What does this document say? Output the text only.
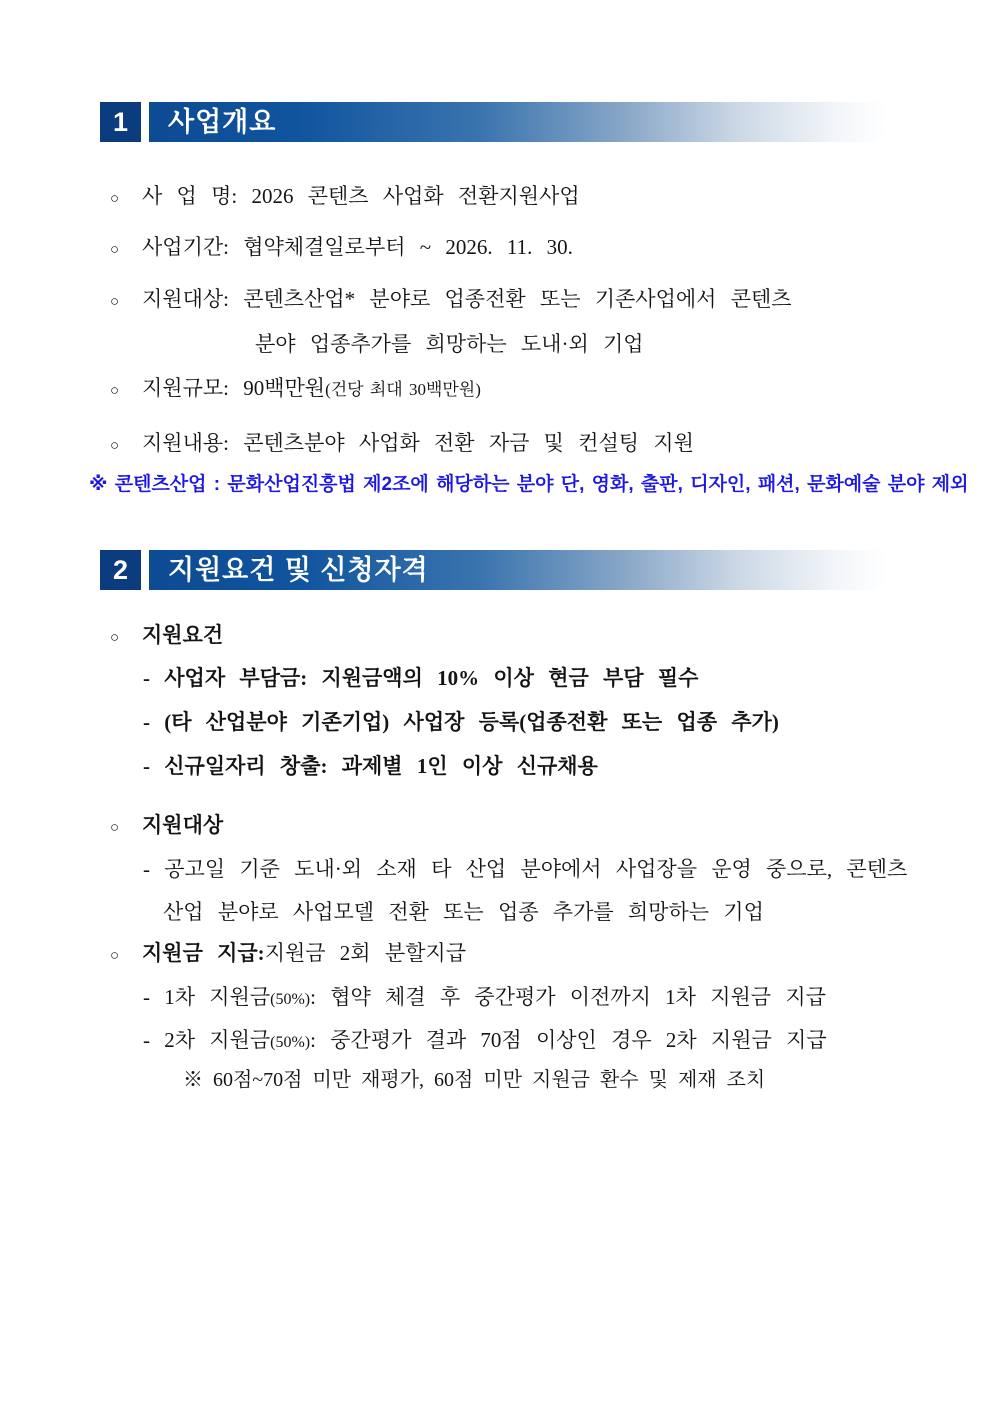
1	사업개요
○ 사 업 명: 2026 콘텐츠 사업화 전환지원사업
○ 사업기간: 협약체결일로부터 ~ 2026. 11. 30.
○ 지원대상: 콘텐츠산업* 분야로 업종전환 또는 기존사업에서 콘텐츠
분야 업종추가를 희망하는 도내·외 기업
○ 지원규모: 90백만원(건당 최대 30백만원)
○ 지원내용: 콘텐츠분야 사업화 전환 자금 및 컨설팅 지원
※ 콘텐츠산업 : 문화산업진흥법 제2조에 해당하는 분야 단, 영화, 출판, 디자인, 패션, 문화예술 분야 제외
2	지원요건 및 신청자격
○ 지원요건
- 사업자 부담금: 지원금액의 10% 이상 현금 부담 필수
- (타 산업분야 기존기업) 사업장 등록(업종전환 또는 업종 추가)
- 신규일자리 창출: 과제별 1인 이상 신규채용
○ 지원대상
- 공고일 기준 도내·외 소재 타 산업 분야에서 사업장을 운영 중으로, 콘텐츠
산업 분야로 사업모델 전환 또는 업종 추가를 희망하는 기업
○ 지원금 지급:지원금 2회 분할지급
- 1차 지원금(50%): 협약 체결 후 중간평가 이전까지 1차 지원금 지급
- 2차 지원금(50%): 중간평가 결과 70점 이상인 경우 2차 지원금 지급
※ 60점~70점 미만 재평가, 60점 미만 지원금 환수 및 제재 조치
